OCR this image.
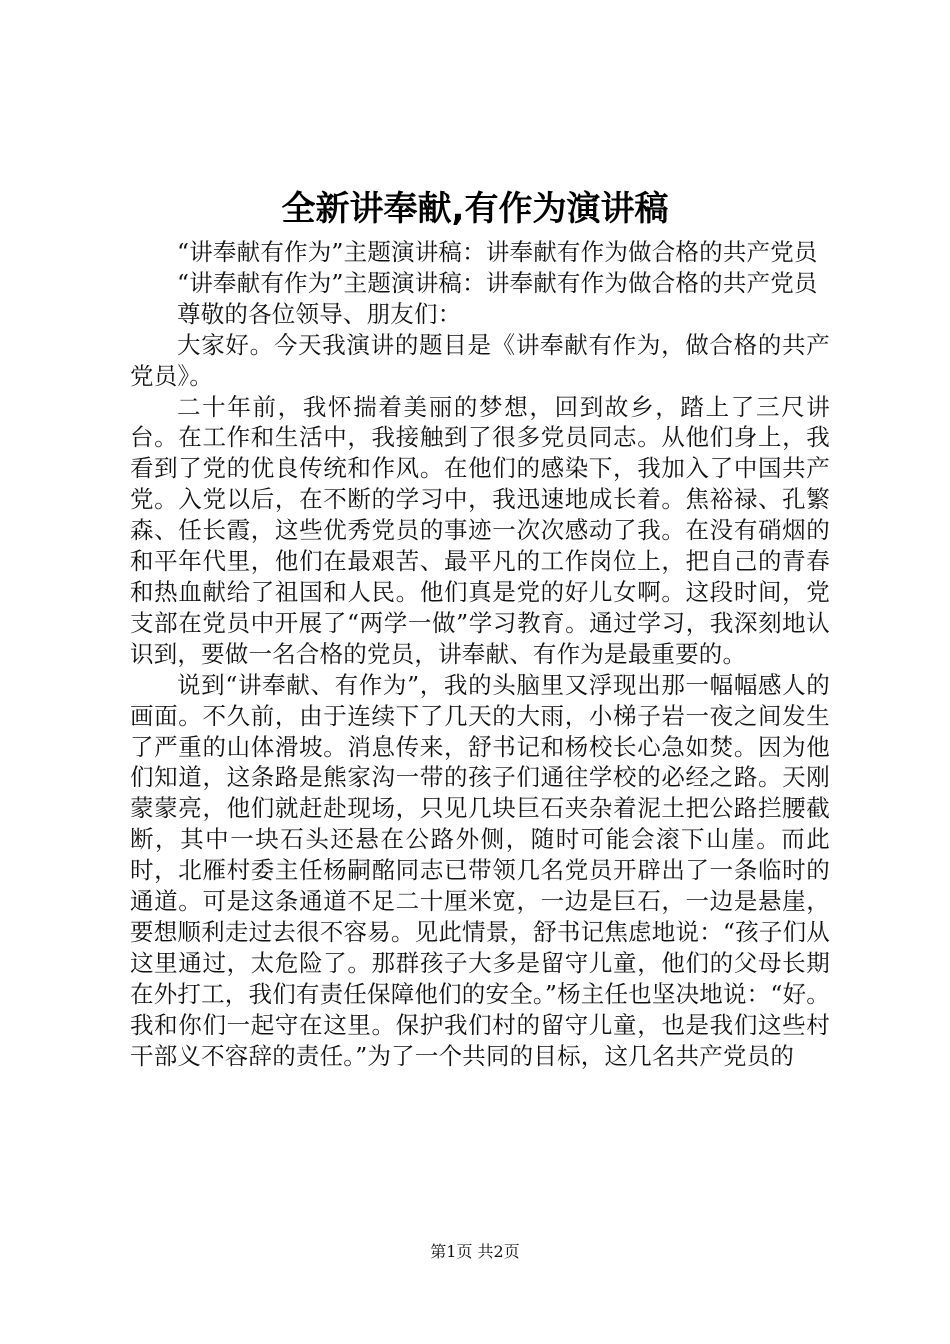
全新讲奉献,有作为演讲稿

“讲奉献有作为”主题演讲稿：讲奉献有作为做合格的共产党员

“讲奉献有作为”主题演讲稿：讲奉献有作为做合格的共产党员

尊敬的各位领导、朋友们：

大家好。今天我演讲的题目是《讲奉献有作为，做合格的共产党员》。

二十年前，我怀揣着美丽的梦想，回到故乡，踏上了三尺讲台。在工作和生活中，我接触到了很多党员同志。从他们身上，我看到了党的优良传统和作风。在他们的感染下，我加入了中国共产党。入党以后，在不断的学习中，我迅速地成长着。焦裕禄、孔繁森、任长霞，这些优秀党员的事迹一次次感动了我。在没有硝烟的和平年代里，他们在最艰苦、最平凡的工作岗位上，把自己的青春和热血献给了祖国和人民。他们真是党的好儿女啊。这段时间，党支部在党员中开展了“两学一做”学习教育。通过学习，我深刻地认识到，要做一名合格的党员，讲奉献、有作为是最重要的。

说到“讲奉献、有作为”，我的头脑里又浮现出那一幅幅感人的画面。不久前，由于连续下了几天的大雨，小梯子岩一夜之间发生了严重的山体滑坡。消息传来，舒书记和杨校长心急如焚。因为他们知道，这条路是熊家沟一带的孩子们通往学校的必经之路。天刚蒙蒙亮，他们就赶赴现场，只见几块巨石夹杂着泥土把公路拦腰截断，其中一块石头还悬在公路外侧，随时可能会滚下山崖。而此时，北雁村委主任杨嗣酩同志已带领几名党员开辟出了一条临时的通道。可是这条通道不足二十厘米宽，一边是巨石，一边是悬崖，要想顺利走过去很不容易。见此情景，舒书记焦虑地说：“孩子们从这里通过，太危险了。那群孩子大多是留守儿童，他们的父母长期在外打工，我们有责任保障他们的安全。”杨主任也坚决地说：“好。我和你们一起守在这里。保护我们村的留守儿童，也是我们这些村干部义不容辞的责任。”为了一个共同的目标，这几名共产党员的

第1页 共2页
